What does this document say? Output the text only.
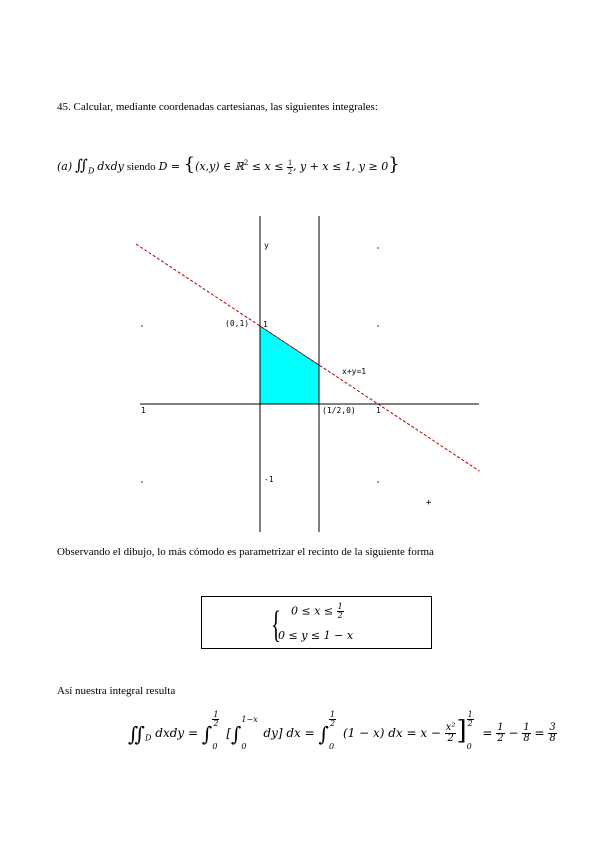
45. Calcular, mediante coordenadas cartesianas, las siguientes integrales:
(a) $∬_D$ dxdy siendo D = {(x,y) ∈ ℝ$^2$ ≤ $x \le \frac{1}{2}$ , y + x ≤ 1, y ≥ 0}
y
1
-1
1	1
(0,1)
(1/2,0)
x+y=1
+
Observando el dibujo, lo más cómodo es parametrizar el recinto de la siguiente forma
{ $0 \le x \le \frac{1}{2}$
0 ≤ y ≤ 1 − x
Así nuestra integral resulta
$∬_D$ dxdy = ∫
$\frac{1}{2}$
0
[∫
1−x
0
dy] dx = ∫
$\frac{1}{2}$
0
(1 − x) dx = $x - \frac{\text{x²}}{2}$ ] $\frac{1}{2}$
0
= $\frac{1}{2} - \frac{1}{8} = \frac{3}{8}$
